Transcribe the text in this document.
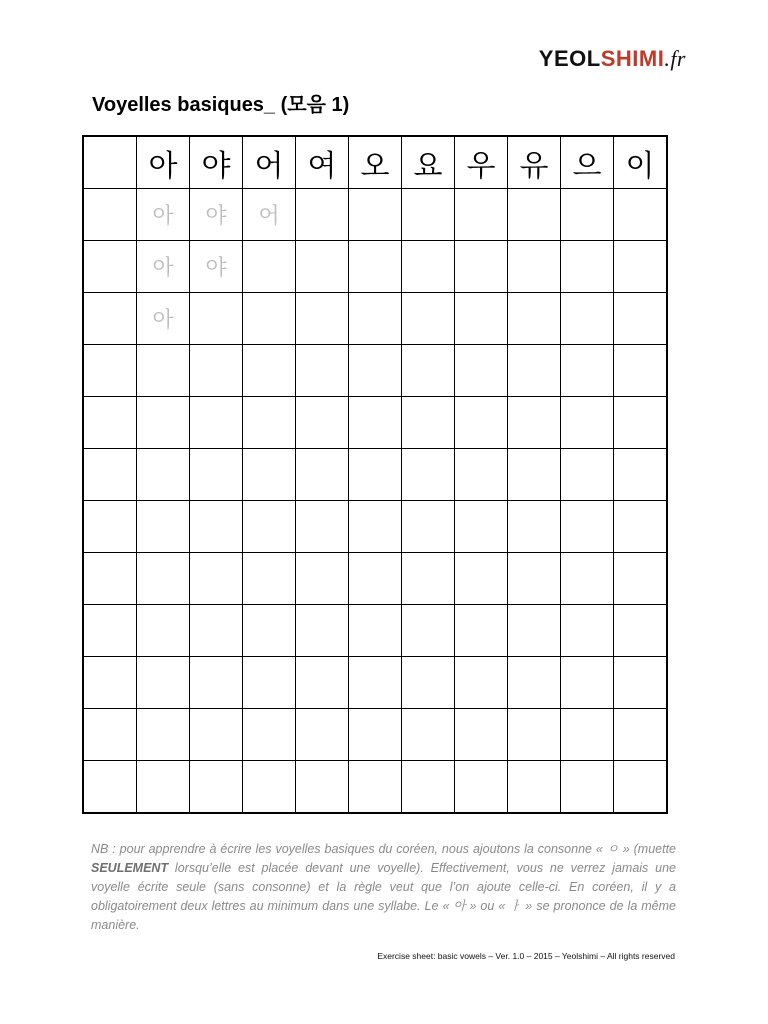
YEOLSHIMI.fr
Voyelles basiques_ (모음 1)
	아	야	어	여	오	요	우	유	으	이
	아	야	어							
	아	야								
	아									

NB : pour apprendre à écrire les voyelles basiques du coréen, nous ajoutons la consonne « ㅇ » (muette SEULEMENT lorsqu’elle est placée devant une voyelle). Effectivement, vous ne verrez jamais une voyelle écrite seule (sans consonne) et la règle veut que l’on ajoute celle-ci. En coréen, il y a obligatoirement deux lettres au minimum dans une syllabe. Le « 아 » ou « ㅏ » se prononce de la même manière.
Exercise sheet: basic vowels – Ver. 1.0 – 2015 – Yeolshimi – All rights reserved
